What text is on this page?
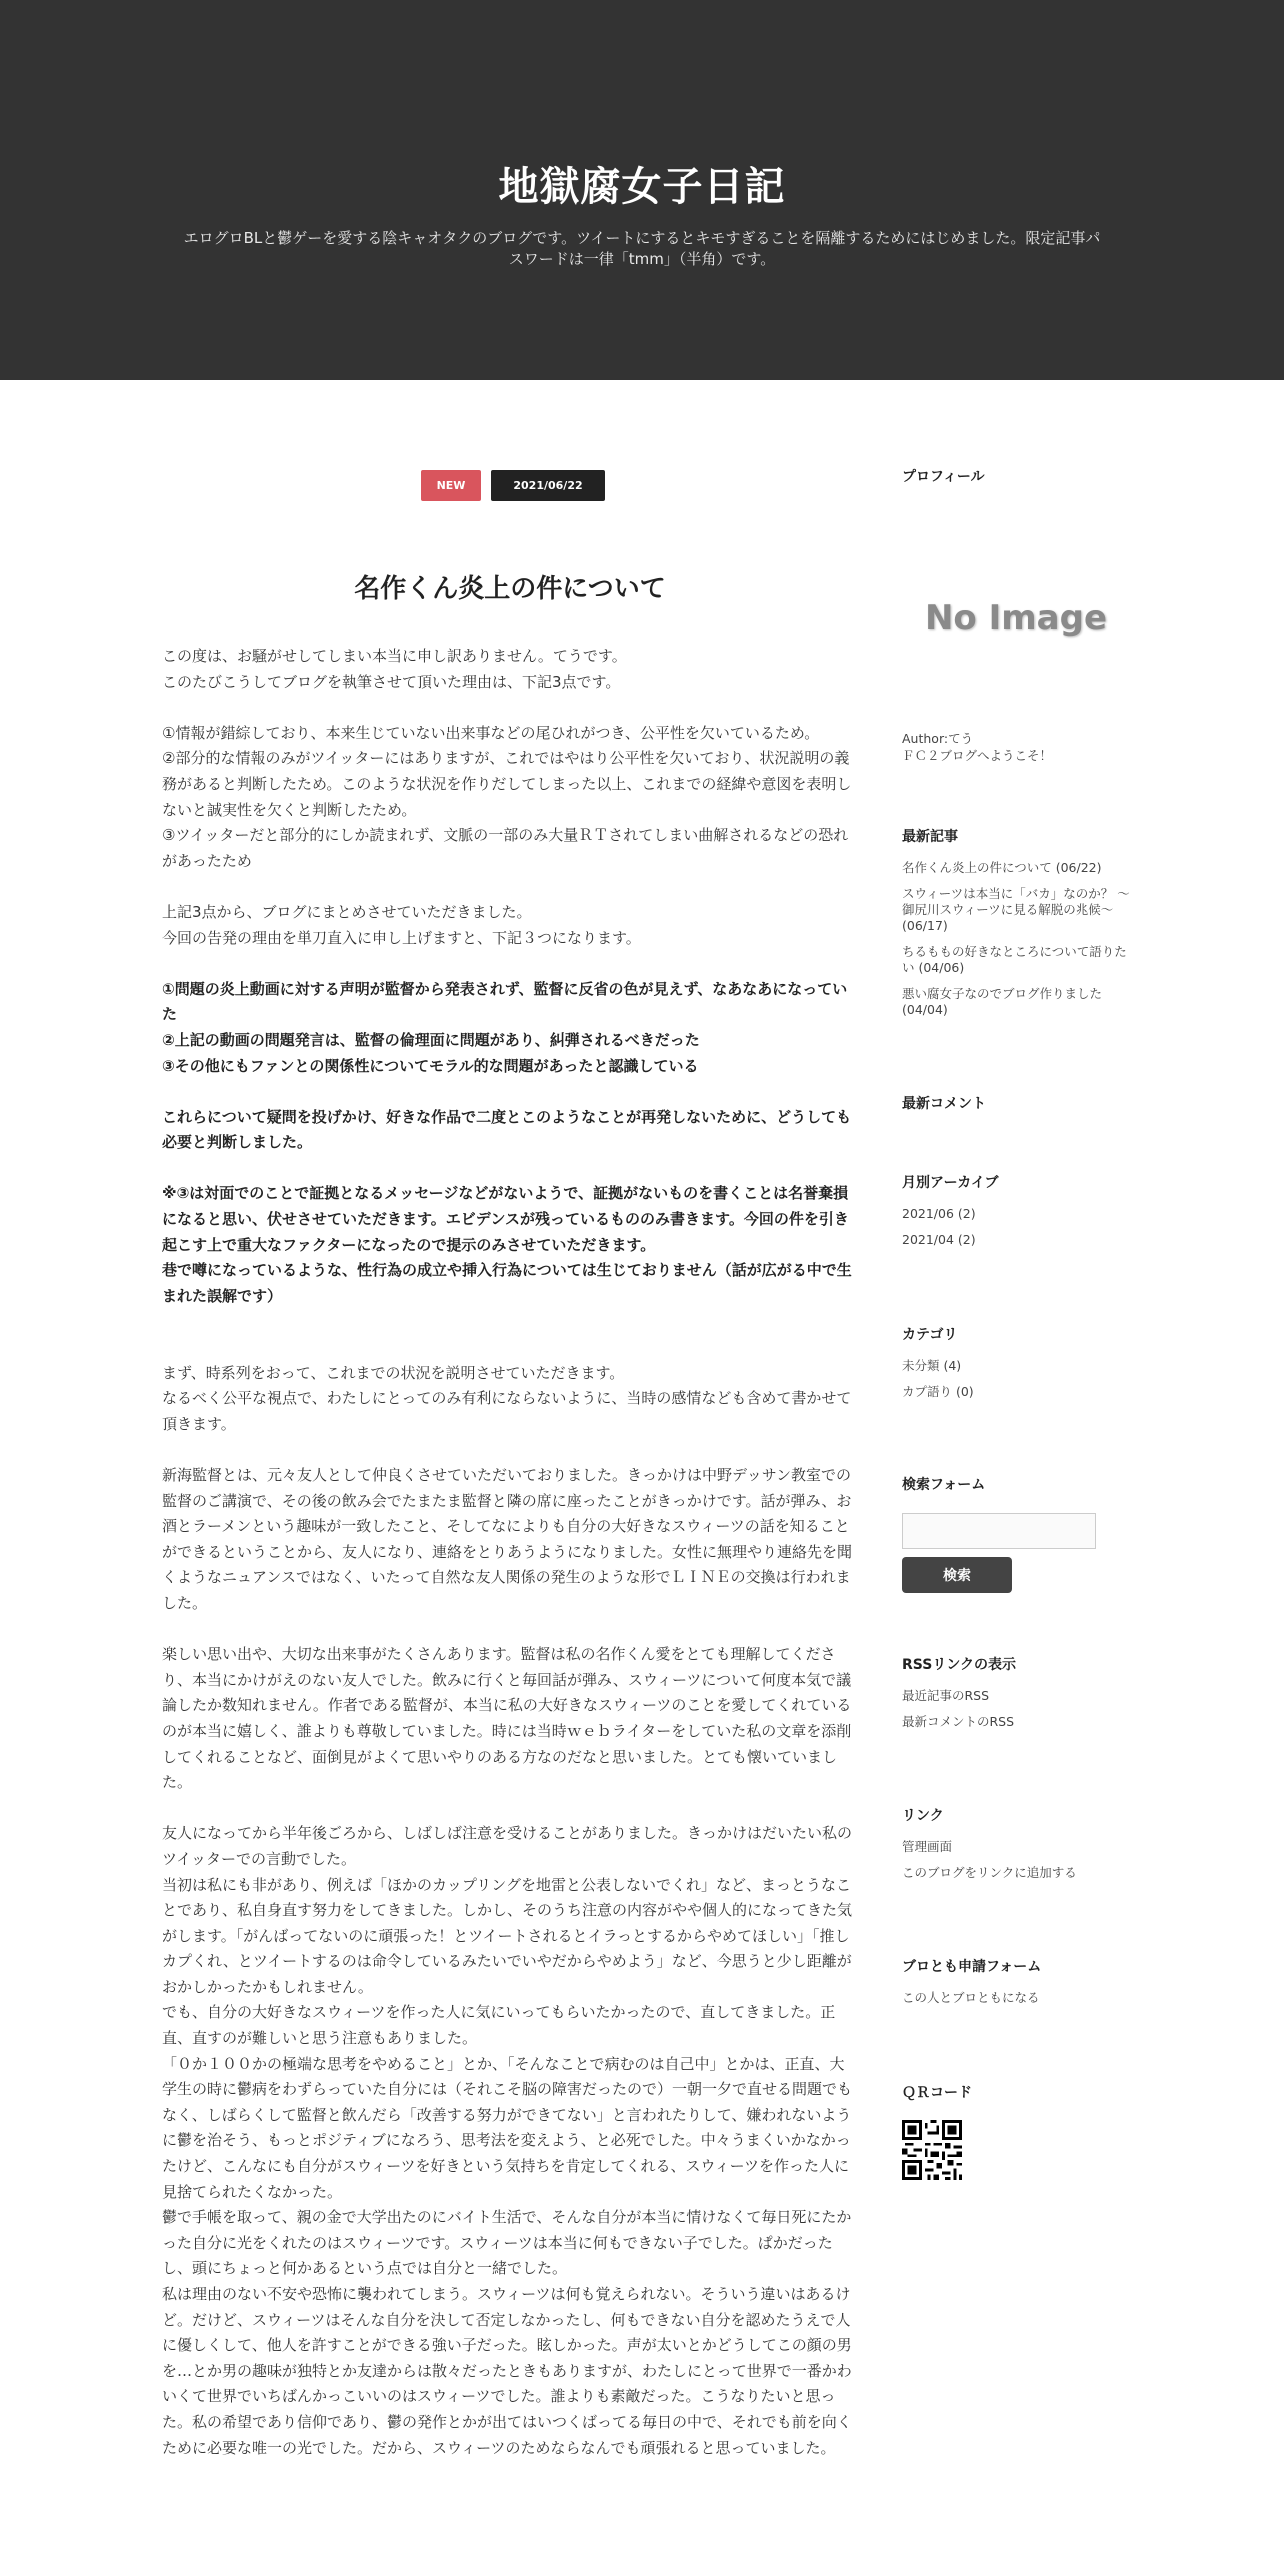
地獄腐女子日記
エログロBLと鬱ゲーを愛する陰キャオタクのブログです。ツイートにするとキモすぎることを隔離するためにはじめました。限定記事パスワードは一律「tmm」（半角）です。
NEW	2021/06/22
名作くん炎上の件について

この度は、お騒がせしてしまい本当に申し訳ありません。てうです。
このたびこうしてブログを執筆させて頂いた理由は、下記3点です。

①情報が錯綜しており、本来生じていない出来事などの尾ひれがつき、公平性を欠いているため。
②部分的な情報のみがツイッターにはありますが、これではやはり公平性を欠いており、状況説明の義務があると判断したため。このような状況を作りだしてしまった以上、これまでの経緯や意図を表明しないと誠実性を欠くと判断したため。
③ツイッターだと部分的にしか読まれず、文脈の一部のみ大量ＲＴされてしまい曲解されるなどの恐れがあったため

上記3点から、ブログにまとめさせていただきました。
今回の告発の理由を単刀直入に申し上げますと、下記３つになります。

①問題の炎上動画に対する声明が監督から発表されず、監督に反省の色が見えず、なあなあになっていた
②上記の動画の問題発言は、監督の倫理面に問題があり、糾弾されるべきだった
③その他にもファンとの関係性についてモラル的な問題があったと認識している

これらについて疑問を投げかけ、好きな作品で二度とこのようなことが再発しないために、どうしても必要と判断しました。

※③は対面でのことで証拠となるメッセージなどがないようで、証拠がないものを書くことは名誉棄損になると思い、伏せさせていただきます。エビデンスが残っているもののみ書きます。今回の件を引き起こす上で重大なファクターになったので提示のみさせていただきます。
巷で噂になっているような、性行為の成立や挿入行為については生じておりません（話が広がる中で生まれた誤解です）

まず、時系列をおって、これまでの状況を説明させていただきます。
なるべく公平な視点で、わたしにとってのみ有利にならないように、当時の感情なども含めて書かせて頂きます。

新海監督とは、元々友人として仲良くさせていただいておりました。きっかけは中野デッサン教室での監督のご講演で、その後の飲み会でたまたま監督と隣の席に座ったことがきっかけです。話が弾み、お酒とラーメンという趣味が一致したこと、そしてなによりも自分の大好きなスウィーツの話を知ることができるということから、友人になり、連絡をとりあうようになりました。女性に無理やり連絡先を聞くようなニュアンスではなく、いたって自然な友人関係の発生のような形でＬＩＮＥの交換は行われました。

楽しい思い出や、大切な出来事がたくさんあります。監督は私の名作くん愛をとても理解してくださり、本当にかけがえのない友人でした。飲みに行くと毎回話が弾み、スウィーツについて何度本気で議論したか数知れません。作者である監督が、本当に私の大好きなスウィーツのことを愛してくれているのが本当に嬉しく、誰よりも尊敬していました。時には当時ｗｅｂライターをしていた私の文章を添削してくれることなど、面倒見がよくて思いやりのある方なのだなと思いました。とても懐いていました。

友人になってから半年後ごろから、しばしば注意を受けることがありました。きっかけはだいたい私のツイッターでの言動でした。
当初は私にも非があり、例えば「ほかのカップリングを地雷と公表しないでくれ」など、まっとうなことであり、私自身直す努力をしてきました。しかし、そのうち注意の内容がやや個人的になってきた気がします。「がんばってないのに頑張った！とツイートされるとイラっとするからやめてほしい」「推しカプくれ、とツイートするのは命令しているみたいでいやだからやめよう」など、今思うと少し距離がおかしかったかもしれません。
でも、自分の大好きなスウィーツを作った人に気にいってもらいたかったので、直してきました。正直、直すのが難しいと思う注意もありました。
「０か１００かの極端な思考をやめること」とか、「そんなことで病むのは自己中」とかは、正直、大学生の時に鬱病をわずらっていた自分には（それこそ脳の障害だったので）一朝一夕で直せる問題でもなく、しばらくして監督と飲んだら「改善する努力ができてない」と言われたりして、嫌われないように鬱を治そう、もっとポジティブになろう、思考法を変えよう、と必死でした。中々うまくいかなかったけど、こんなにも自分がスウィーツを好きという気持ちを肯定してくれる、スウィーツを作った人に見捨てられたくなかった。
鬱で手帳を取って、親の金で大学出たのにバイト生活で、そんな自分が本当に情けなくて毎日死にたかった自分に光をくれたのはスウィーツです。スウィーツは本当に何もできない子でした。ぱかだったし、頭にちょっと何かあるという点では自分と一緒でした。
私は理由のない不安や恐怖に襲われてしまう。スウィーツは何も覚えられない。そういう違いはあるけど。だけど、スウィーツはそんな自分を決して否定しなかったし、何もできない自分を認めたうえで人に優しくして、他人を許すことができる強い子だった。眩しかった。声が太いとかどうしてこの顔の男を…とか男の趣味が独特とか友達からは散々だったときもありますが、わたしにとって世界で一番かわいくて世界でいちばんかっこいいのはスウィーツでした。誰よりも素敵だった。こうなりたいと思った。私の希望であり信仰であり、鬱の発作とかが出てはいつくばってる毎日の中で、それでも前を向くために必要な唯一の光でした。だから、スウィーツのためならなんでも頑張れると思っていました。

プロフィール
No Image
Author:てう
ＦＣ２ブログへようこそ！
最新記事
名作くん炎上の件について (06/22)
スウィーツは本当に「バカ」なのか？ ～御尻川スウィーツに見る解脱の兆候～ (06/17)
ちるももの好きなところについて語りたい (04/06)
悪い腐女子なのでブログ作りました (04/04)
最新コメント
月別アーカイブ
2021/06 (2)
2021/04 (2)
カテゴリ
未分類 (4)
カプ語り (0)
検索フォーム
検索
RSSリンクの表示
最近記事のRSS
最新コメントのRSS
リンク
管理画面
このブログをリンクに追加する
ブロとも申請フォーム
この人とブロともになる
ＱＲコード
